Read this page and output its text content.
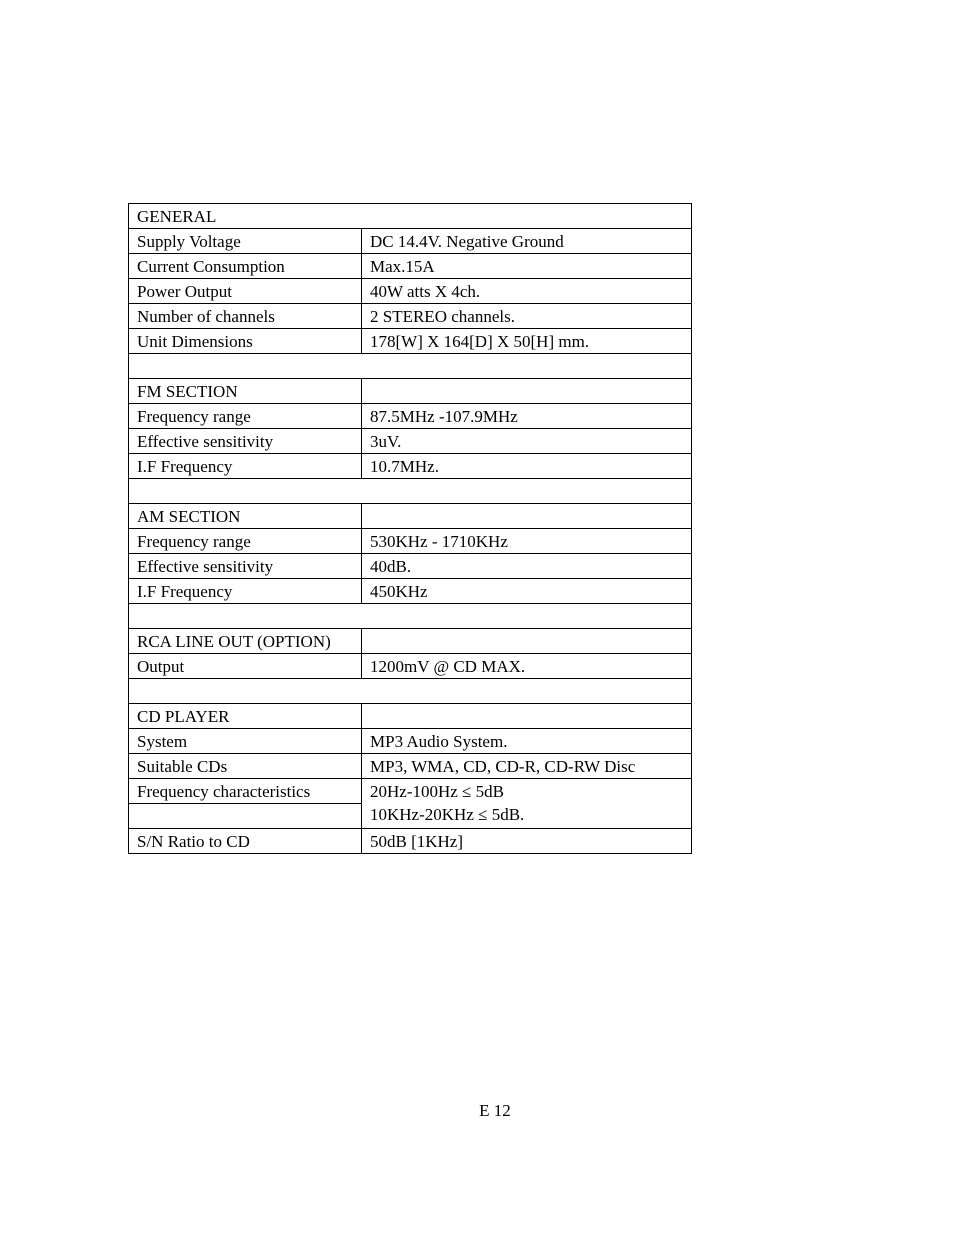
GENERAL	
Supply Voltage	DC 14.4V. Negative Ground
Current Consumption	Max.15A
Power Output	40W atts X 4ch.
Number of channels	2 STEREO channels.
Unit Dimensions	178[W] X 164[D] X 50[H] mm.

FM SECTION	
Frequency range	87.5MHz -107.9MHz
Effective sensitivity	3uV.
I.F Frequency	10.7MHz.

AM SECTION	
Frequency range	530KHz - 1710KHz
Effective sensitivity	40dB.
I.F Frequency	450KHz

RCA LINE OUT (OPTION)	
Output	1200mV @ CD MAX.

CD PLAYER	
System	MP3 Audio System.
Suitable CDs	MP3, WMA, CD, CD-R, CD-RW Disc
Frequency characteristics	20Hz-100Hz ≤ 5dB
10KHz-20KHz ≤ 5dB.

S/N Ratio to CD	50dB [1KHz]
E 12
